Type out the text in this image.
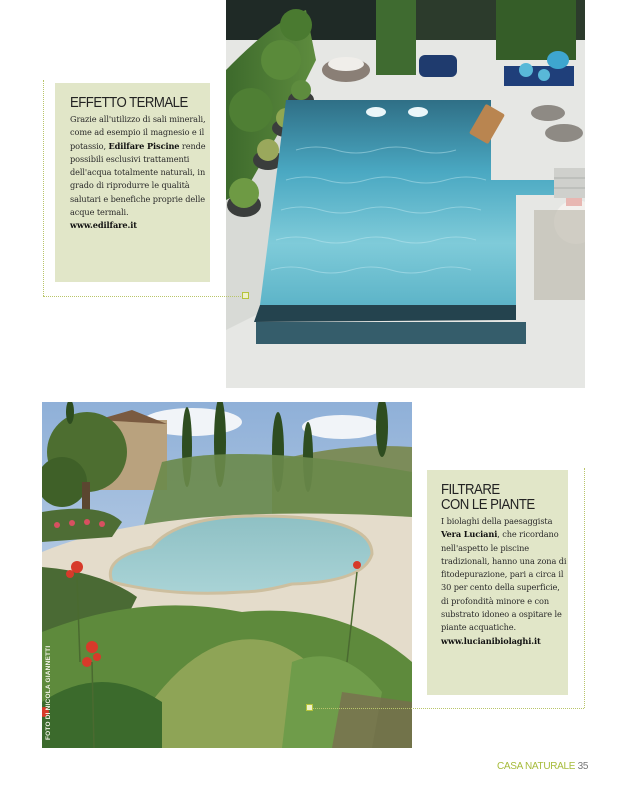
EFFETTO TERMALE

Grazie all'utilizzo di sali minerali, come ad esempio il magnesio e il potassio, Edilfare Piscine rende possibili esclusivi trattamenti dell'acqua totalmente naturali, in grado di riprodurre le qualità salutari e benefiche proprie delle acque termali.
www.edilfare.it

FOTO DI NICOLA GIANNETTI
FILTRARE
CON LE PIANTE

I biolaghi della paesaggista Vera Luciani, che ricordano nell'aspetto le piscine tradizionali, hanno una zona di fitodepurazione, pari a circa il 30 per cento della superficie, di profondità minore e con substrato idoneo a ospitare le piante acquatiche.
www.lucianibiolaghi.it

CASA NATURALE 35
